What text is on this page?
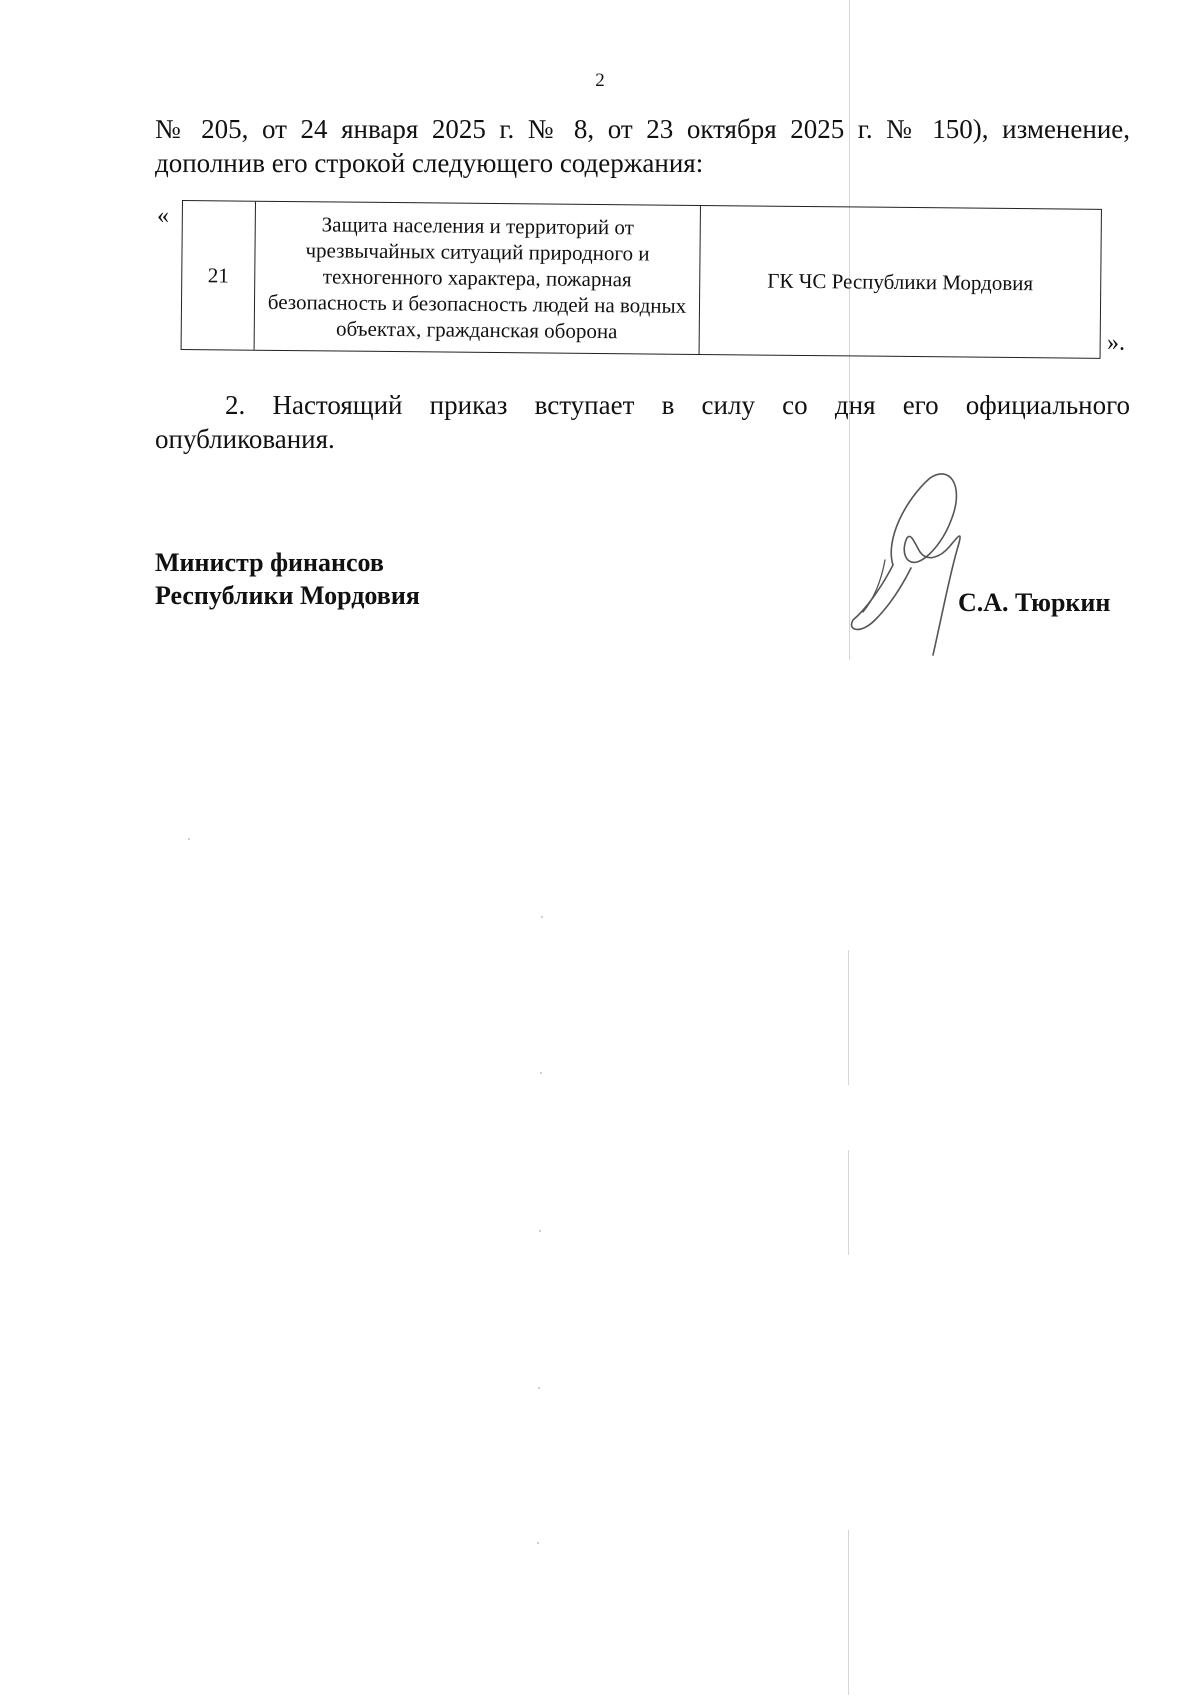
2
№ 205, от 24 января 2025 г. № 8, от 23 октября 2025 г. № 150), изменение,
дополнив его строкой следующего содержания:
«
21
Защита населения и территорий от чрезвычайных ситуаций природного и техногенного характера, пожарная безопасность и безопасность людей на водных объектах, гражданская оборона
ГК ЧС Республики Мордовия
».
2. Настоящий приказ вступает в силу со дня его официального
опубликования.
Министр финансов
Республики Мордовия	С.А. Тюркин
